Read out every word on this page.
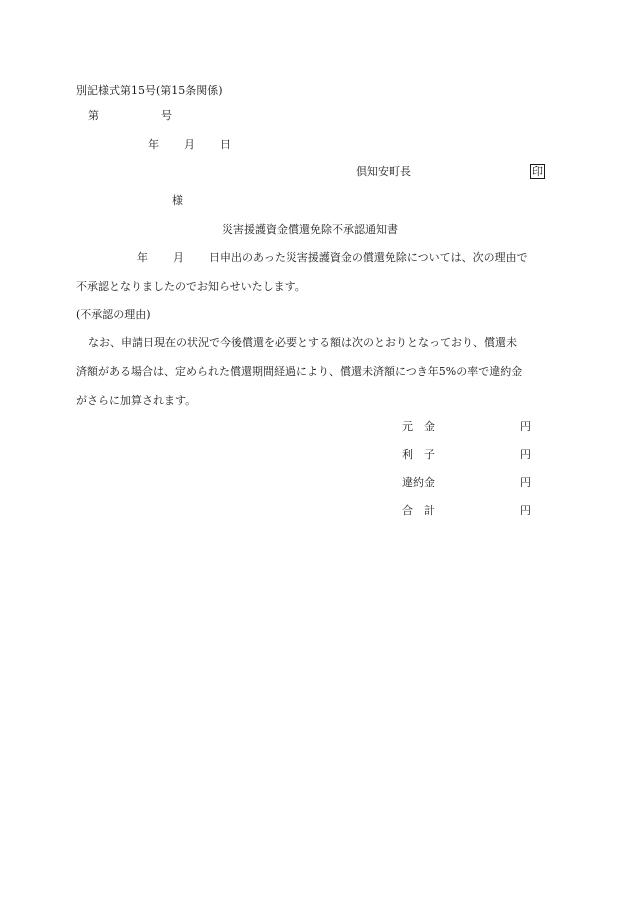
別記様式第15号(第15条関係)
第	号
年 月 日
倶知安町長	印
様
災害援護資金償還免除不承認通知書
年 月 日申出のあった災害援護資金の償還免除については、次の理由で
不承認となりましたのでお知らせいたします。
(不承認の理由)
なお、申請日現在の状況で今後償還を必要とする額は次のとおりとなっており、償還未
済額がある場合は、定められた償還期間経過により、償還未済額につき年5%の率で違約金
がさらに加算されます。
元　金	円
利　子	円
違約金	円
合　計	円
